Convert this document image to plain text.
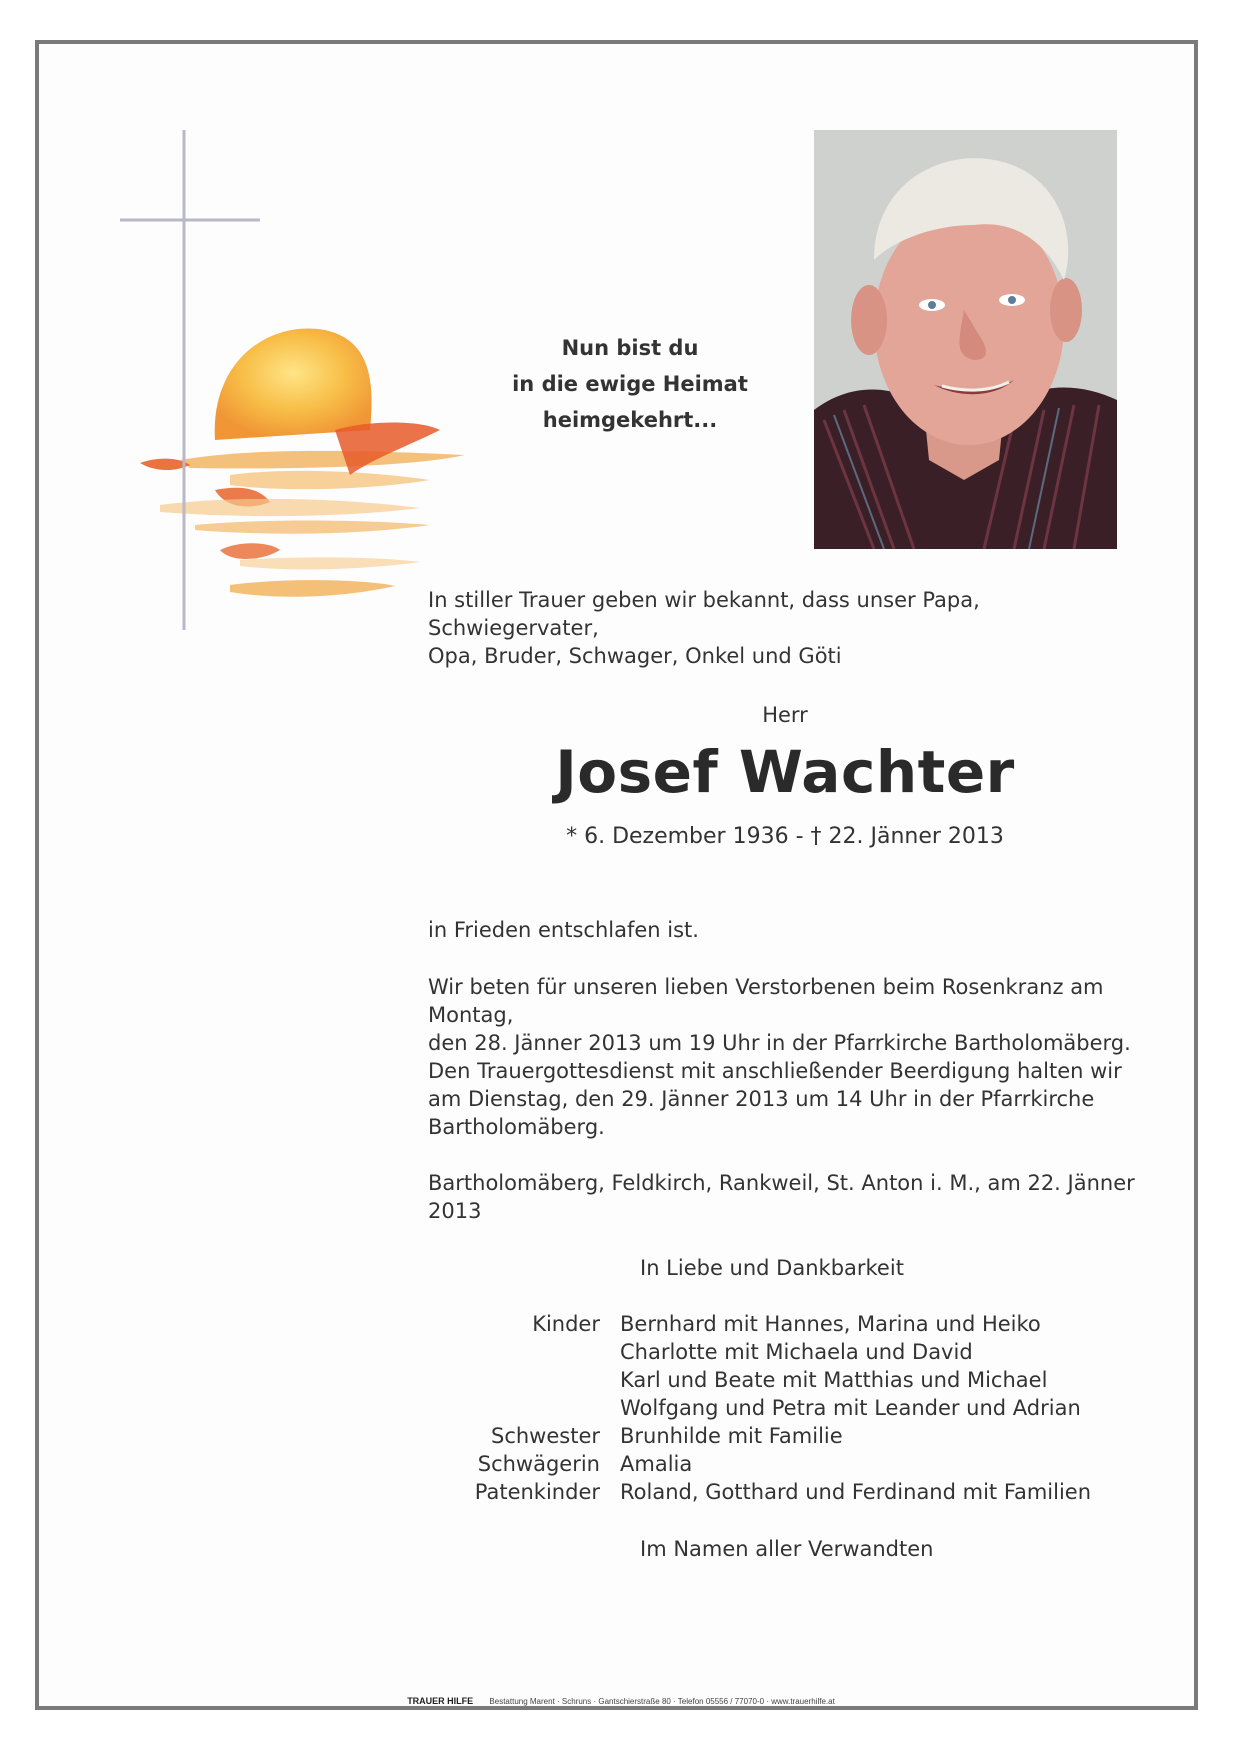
Nun bist du
in die ewige Heimat
heimgekehrt...
In stiller Trauer geben wir bekannt, dass unser Papa, Schwiegervater,
Opa, Bruder, Schwager, Onkel und Göti
Herr
Josef Wachter
* 6. Dezember 1936 - † 22. Jänner 2013
in Frieden entschlafen ist.
Wir beten für unseren lieben Verstorbenen beim Rosenkranz am Montag,
den 28. Jänner 2013 um 19 Uhr in der Pfarrkirche Bartholomäberg.
Den Trauergottesdienst mit anschließender Beerdigung halten wir
am Dienstag, den 29. Jänner 2013 um 14 Uhr in der Pfarrkirche
Bartholomäberg.
Bartholomäberg, Feldkirch, Rankweil, St. Anton i. M., am 22. Jänner 2013
In Liebe und Dankbarkeit
Kinder Bernhard mit Hannes, Marina und Heiko
Charlotte mit Michaela und David
Karl und Beate mit Matthias und Michael
Wolfgang und Petra mit Leander und Adrian
Schwester Brunhilde mit Familie
Schwägerin Amalia
Patenkinder Roland, Gotthard und Ferdinand mit Familien
Im Namen aller Verwandten
TRAUER HILFE Bestattung Marent · Schruns · Gantschierstraße 80 · Telefon 05556 / 77070-0 · www.trauerhilfe.at
